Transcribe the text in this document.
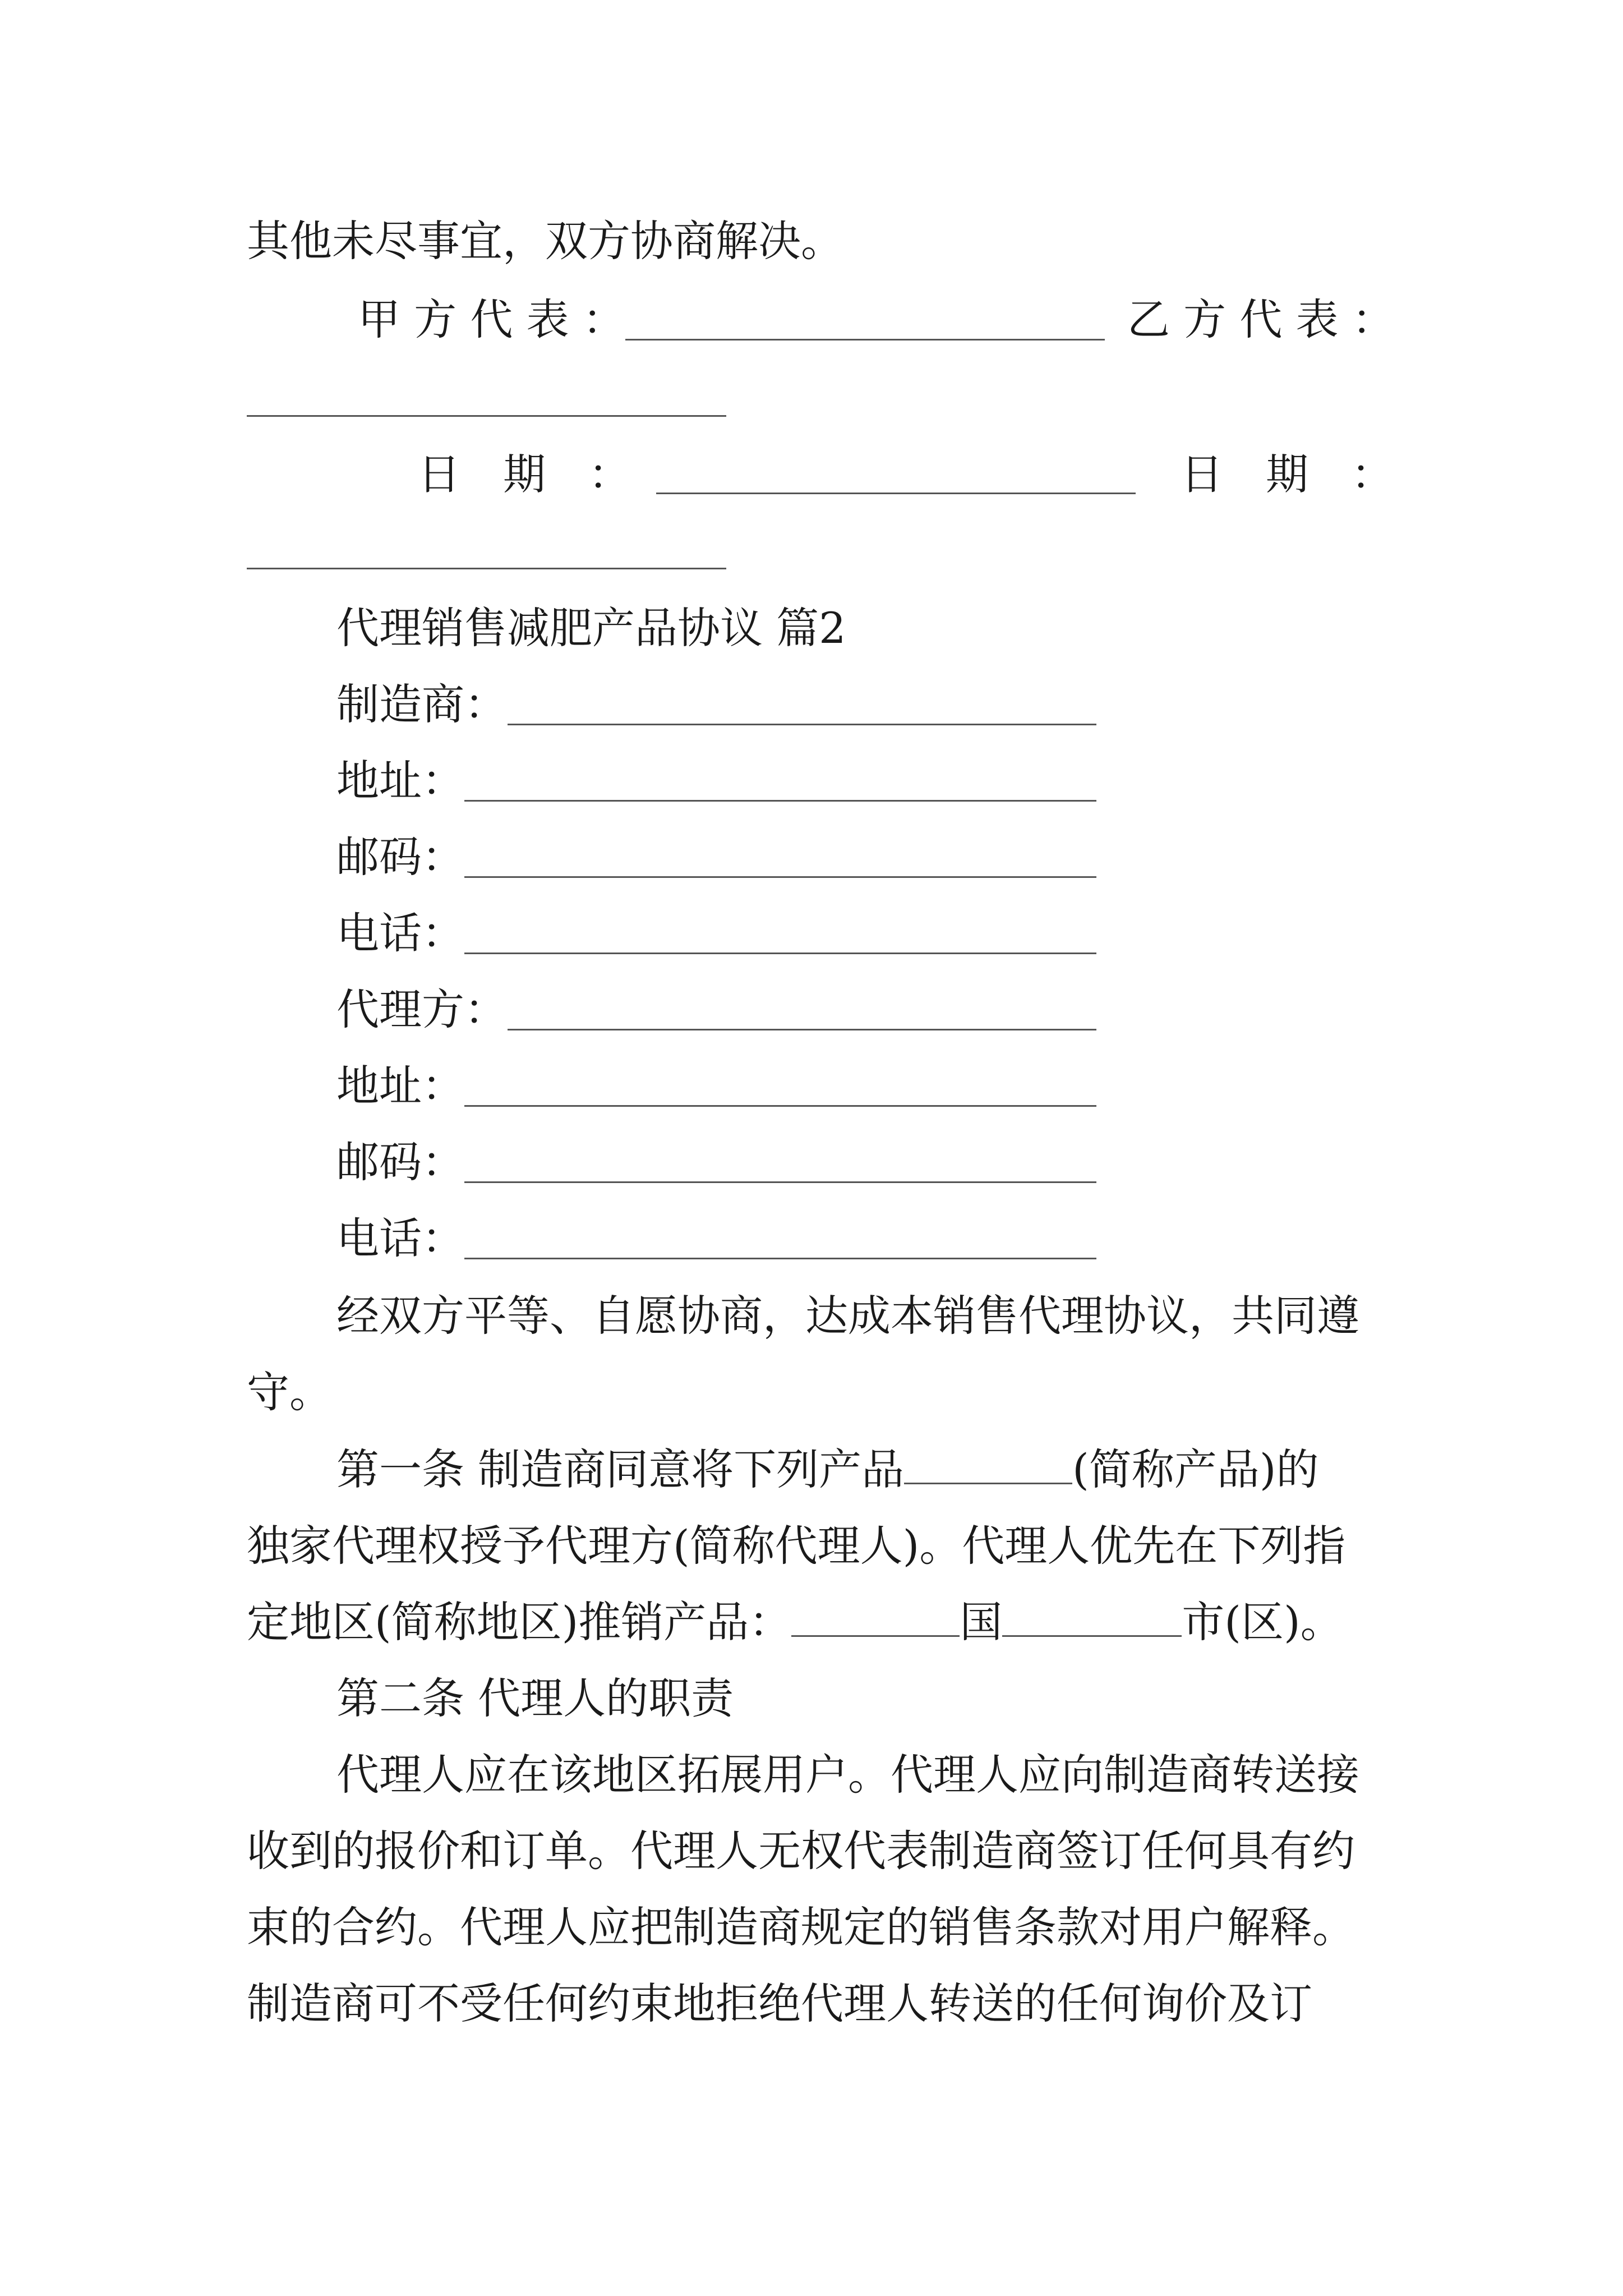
其他未尽事宜，双方协商解决。
甲 方 代 表 ：	乙 方 代 表 ：
日　期　：	日　期　：
代理销售减肥产品协议 篇2
制造商：
地址：
邮码：
电话：
代理方：
地址：
邮码：
电话：
经双方平等、自愿协商，达成本销售代理协议，共同遵
守。
第一条 制造商同意将下列产品	(简称产品)的
独家代理权授予代理方(简称代理人)。代理人优先在下列指
定地区(简称地区)推销产品：	国	市(区)。
第二条 代理人的职责
代理人应在该地区拓展用户。代理人应向制造商转送接
收到的报价和订单。代理人无权代表制造商签订任何具有约
束的合约。代理人应把制造商规定的销售条款对用户解释。
制造商可不受任何约束地拒绝代理人转送的任何询价及订
